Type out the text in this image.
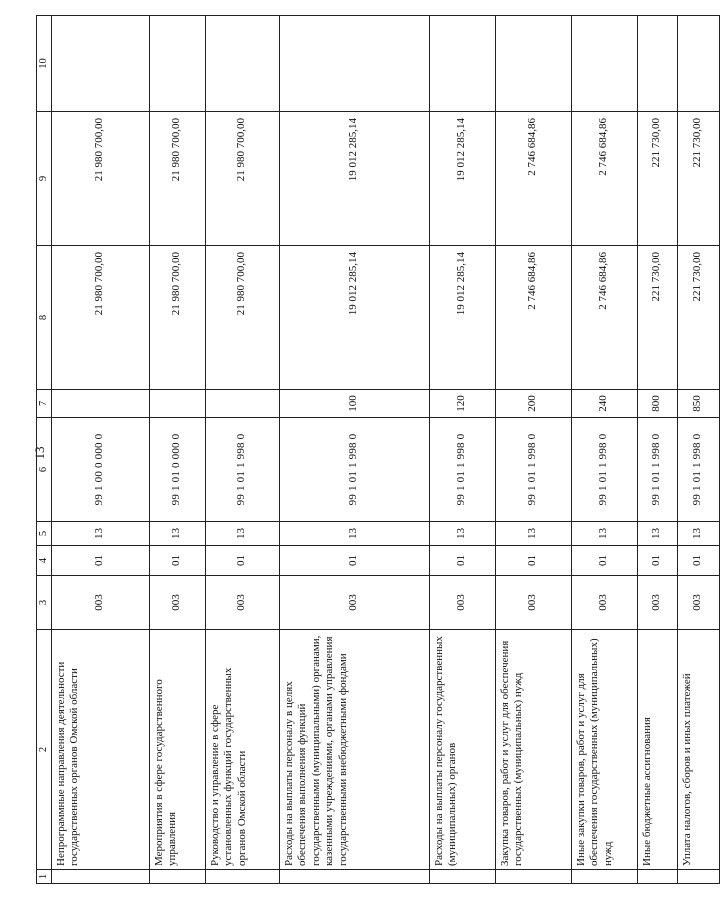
13
1	2	3	4	5	6	7	8	9	10
	Непрограммные направления деятельности государственных органов Омской области	003	01	13	99 1 00 0 000 0		21 980 700,00	21 980 700,00	
	Мероприятия в сфере государственного управления	003	01	13	99 1 01 0 000 0		21 980 700,00	21 980 700,00	
	Руководство и управление в сфере установленных функций государственных органов Омской области	003	01	13	99 1 01 1 998 0		21 980 700,00	21 980 700,00	
	Расходы на выплаты персоналу в целях обеспечения выполнения функций государственными (муниципальными) органами, казенными учреждениями, органами управления государственными внебюджетными фондами	003	01	13	99 1 01 1 998 0	100	19 012 285,14	19 012 285,14	
	Расходы на выплаты персоналу государственных (муниципальных) органов	003	01	13	99 1 01 1 998 0	120	19 012 285,14	19 012 285,14	
	Закупка товаров, работ и услуг для обеспечения государственных (муниципальных) нужд	003	01	13	99 1 01 1 998 0	200	2 746 684,86	2 746 684,86	
	Иные закупки товаров, работ и услуг для обеспечения государственных (муниципальных) нужд	003	01	13	99 1 01 1 998 0	240	2 746 684,86	2 746 684,86	
	Иные бюджетные ассигнования	003	01	13	99 1 01 1 998 0	800	221 730,00	221 730,00	
	Уплата налогов, сборов и иных платежей	003	01	13	99 1 01 1 998 0	850	221 730,00	221 730,00	
